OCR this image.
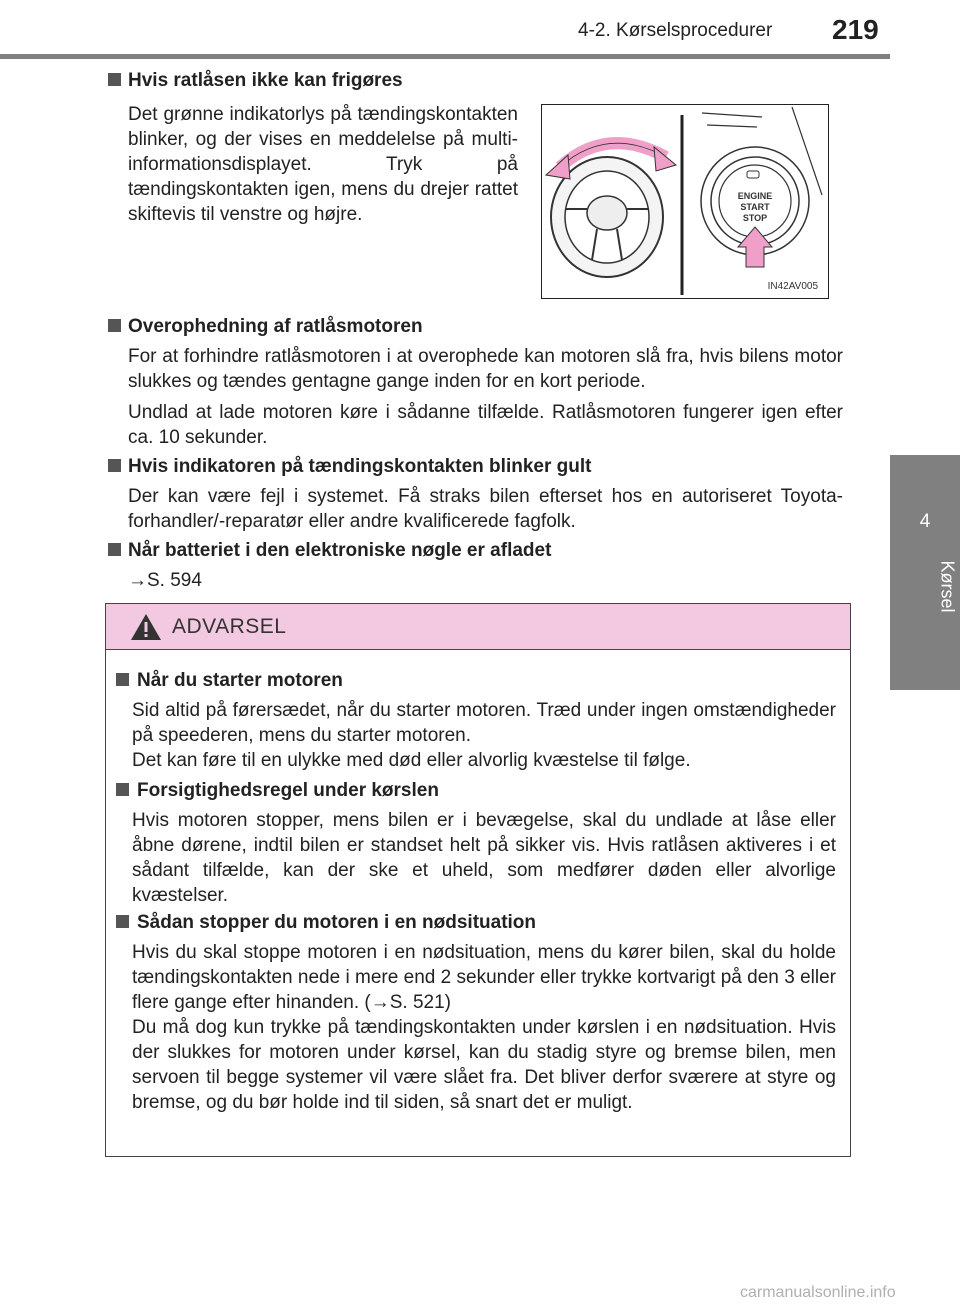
4-2. Kørselsprocedurer 219
4
Kørsel
Hvis ratlåsen ikke kan frigøres
Det grønne indikatorlys på tændingskontakten blinker, og der vises en meddelelse på multi-informationsdisplayet. Tryk på tændingskontakten igen, mens du drejer rattet skiftevis til venstre og højre.
ENGINE
START
STOP
IN42AV005
Overophedning af ratlåsmotoren
For at forhindre ratlåsmotoren i at overophede kan motoren slå fra, hvis bilens motor slukkes og tændes gentagne gange inden for en kort periode.
Undlad at lade motoren køre i sådanne tilfælde. Ratlåsmotoren fungerer igen efter ca. 10 sekunder.
Hvis indikatoren på tændingskontakten blinker gult
Der kan være fejl i systemet. Få straks bilen efterset hos en autoriseret Toyota-forhandler/-reparatør eller andre kvalificerede fagfolk.
Når batteriet i den elektroniske nøgle er afladet
→S. 594
ADVARSEL
Når du starter motoren
Sid altid på førersædet, når du starter motoren. Træd under ingen omstændigheder på speederen, mens du starter motoren.
Det kan føre til en ulykke med død eller alvorlig kvæstelse til følge.
Forsigtighedsregel under kørslen
Hvis motoren stopper, mens bilen er i bevægelse, skal du undlade at låse eller åbne dørene, indtil bilen er standset helt på sikker vis. Hvis ratlåsen aktiveres i et sådant tilfælde, kan der ske et uheld, som medfører døden eller alvorlige kvæstelser.
Sådan stopper du motoren i en nødsituation
Hvis du skal stoppe motoren i en nødsituation, mens du kører bilen, skal du holde tændingskontakten nede i mere end 2 sekunder eller trykke kortvarigt på den 3 eller flere gange efter hinanden. (→S. 521)
Du må dog kun trykke på tændingskontakten under kørslen i en nødsituation. Hvis der slukkes for motoren under kørsel, kan du stadig styre og bremse bilen, men servoen til begge systemer vil være slået fra. Det bliver derfor sværere at styre og bremse, og du bør holde ind til siden, så snart det er muligt.
carmanualsonline.info
